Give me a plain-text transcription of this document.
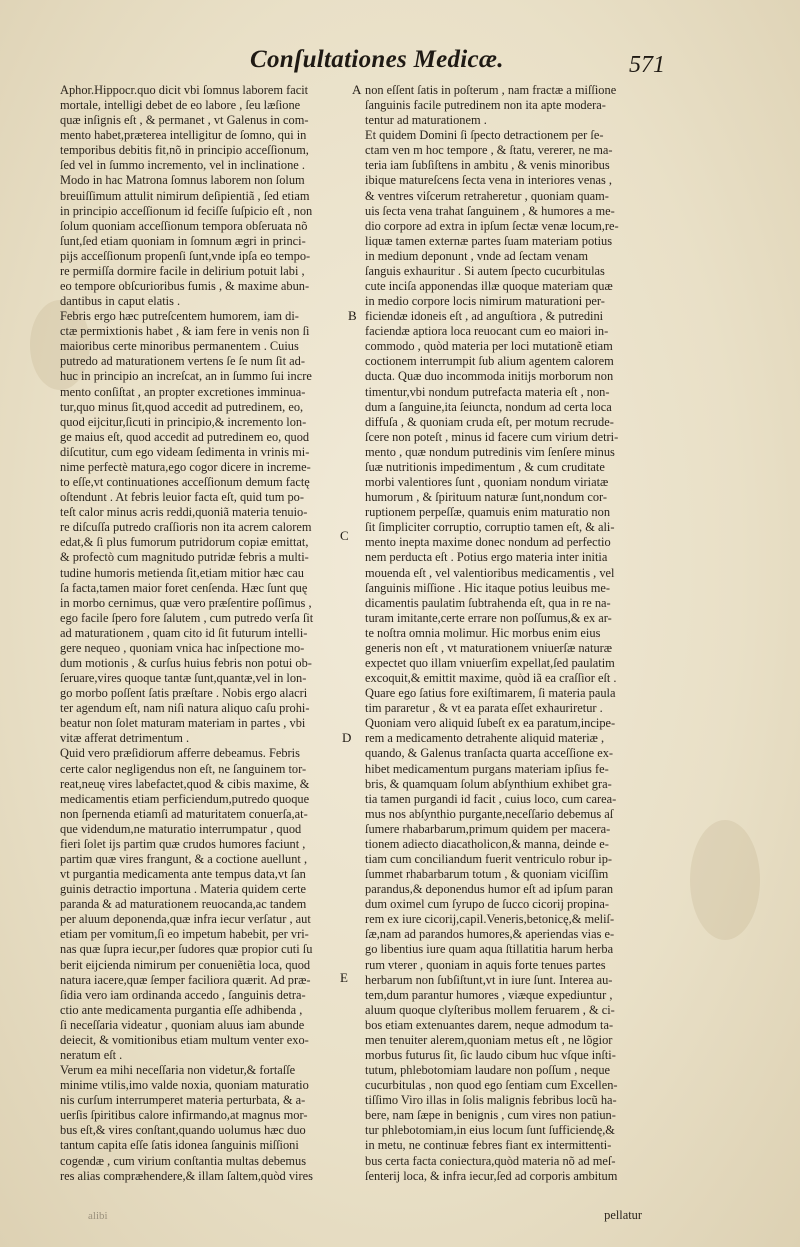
Conſultationes Medicæ.	571
Aphor.Hippocr.quo dicit vbi ſomnus laborem facit
mortale, intelligi debet de eo labore , ſeu læſione
quæ inſignis eſt , & permanet , vt Galenus in com-
mento habet,præterea intelligitur de ſomno, qui in
temporibus debitis fit,nõ in principio acceſſionum,
ſed vel in ſummo incremento, vel in inclinatione .
Modo in hac Matrona ſomnus laborem non ſolum
breuiſſimum attulit nimirum deſipientiã , ſed etiam
in principio acceſſionum id feciſſe ſuſpicio eſt , non
ſolum quoniam acceſſionum tempora obſeruata nõ
ſunt,ſed etiam quoniam in ſomnum ægri in princi-
pijs acceſſionum propenſi ſunt,vnde ipſa eo tempo-
re permiſſa dormire facile in delirium potuit labi ,
eo tempore obſcurioribus fumis , & maxime abun-
dantibus in caput elatis .
Febris ergo hæc putreſcentem humorem, iam di-
ctæ permixtionis habet , & iam fere in venis non ſi
maioribus certe minoribus permanentem . Cuius
putredo ad maturationem vertens ſe ſe num ſit ad-
huc in principio an increſcat, an in ſummo ſui incre
mento conſiſtat , an propter excretiones imminua-
tur,quo minus ſit,quod accedit ad putredinem, eo,
quod eijcitur,ſicuti in principio,& incremento lon-
ge maius eſt, quod accedit ad putredinem eo, quod
diſcutitur, cum ego videam ſedimenta in vrinis mi-
nime perfectè matura,ego cogor dicere in increme-
to eſſe,vt continuationes acceſſionum demum factę
oſtendunt . At febris leuior facta eſt, quid tum po-
teſt calor minus acris reddi,quoniã materia tenuio-
re diſcuſſa putredo craſſioris non ita acrem calorem
edat,& ſi plus fumorum putridorum copiæ emittat,
& profectò cum magnitudo putridæ febris a multi-
tudine humoris metienda ſit,etiam mitior hæc cau
ſa facta,tamen maior foret cenſenda. Hæc ſunt quę
in morbo cernimus, quæ vero præſentire poſſimus ,
ego facile ſpero fore ſalutem , cum putredo verſa ſit
ad maturationem , quam cito id ſit futurum intelli-
gere nequeo , quoniam vnica hac inſpectione mo-
dum motionis , & curſus huius febris non potui ob-
ſeruare,vires quoque tantæ ſunt,quantæ,vel in lon-
go morbo poſſent ſatis præſtare . Nobis ergo alacri
ter agendum eſt, nam niſi natura aliquo caſu prohi-
beatur non ſolet maturam materiam in partes , vbi
vitæ afferat detrimentum .
Quid vero præſidiorum afferre debeamus. Febris
certe calor negligendus non eſt, ne ſanguinem tor-
reat,neuę vires labefactet,quod & cibis maxime, &
medicamentis etiam perficiendum,putredo quoque
non ſpernenda etiamſi ad maturitatem conuerſa,at-
que videndum,ne maturatio interrumpatur , quod
fieri ſolet ijs partim quæ crudos humores faciunt ,
partim quæ vires frangunt, & a coctione auellunt ,
vt purgantia medicamenta ante tempus data,vt ſan
guinis detractio importuna . Materia quidem certe
paranda & ad maturationem reuocanda,ac tandem
per aluum deponenda,quæ infra iecur verſatur , aut
etiam per vomitum,ſi eo impetum habebit, per vri-
nas quæ ſupra iecur,per ſudores quæ propior cuti ſu
berit eijcienda nimirum per conueniẽtia loca, quod
natura iacere,quæ ſemper faciliora quærit. Ad præ-
ſidia vero iam ordinanda accedo , ſanguinis detra-
ctio ante medicamenta purgantia eſſe adhibenda ,
ſi neceſſaria videatur , quoniam aluus iam abunde
deiecit, & vomitionibus etiam multum venter exo-
neratum eſt .
Verum ea mihi neceſſaria non videtur,& fortaſſe
minime vtilis,imo valde noxia, quoniam maturatio
nis curſum interrumperet materia perturbata, & a-
uerſis ſpiritibus calore infirmando,at magnus mor-
bus eſt,& vires conſtant,quando uolumus hæc duo
tantum capita eſſe ſatis idonea ſanguinis miſſioni
cogendæ , cum virium conſtantia multas debemus
res alias compræhendere,& illam ſaltem,quòd vires
non eſſent ſatis in poſterum , nam fractæ a miſſione
ſanguinis facile putredinem non ita apte modera-
tentur ad maturationem .
Et quidem Domini ſi ſpecto detractionem per ſe-
ctam ven m hoc tempore , & ſtatu, vererer, ne ma-
teria iam ſubſiſtens in ambitu , & venis minoribus
ibique matureſcens ſecta vena in interiores venas ,
& ventres viſcerum retraheretur , quoniam quam-
uis ſecta vena trahat ſanguinem , & humores a me-
dio corpore ad extra in ipſum ſectæ venæ locum,re-
liquæ tamen externæ partes ſuam materiam potius
in medium deponunt , vnde ad ſectam venam
ſanguis exhauritur . Si autem ſpecto cucurbitulas
cute inciſa apponendas illæ quoque materiam quæ
in medio corpore locis nimirum maturationi per-
ficiendæ idoneis eſt , ad anguſtiora , & putredini
faciendæ aptiora loca reuocant cum eo maiori in-
commodo , quòd materia per loci mutationẽ etiam
coctionem interrumpit ſub alium agentem calorem
ducta. Quæ duo incommoda initijs morborum non
timentur,vbi nondum putrefacta materia eſt , non-
dum a ſanguine,ita ſeiuncta, nondum ad certa loca
diffuſa , & quoniam cruda eſt, per motum recrude-
ſcere non poteſt , minus id facere cum virium detri-
mento , quæ nondum putredinis vim ſenſere minus
ſuæ nutritionis impedimentum , & cum cruditate
morbi valentiores ſunt , quoniam nondum viriatæ
humorum , & ſpirituum naturæ ſunt,nondum cor-
ruptionem perpeſſæ, quamuis enim maturatio non
ſit ſimpliciter corruptio, corruptio tamen eſt, & ali-
mento inepta maxime donec nondum ad perfectio
nem perducta eſt . Potius ergo materia inter initia
mouenda eſt , vel valentioribus medicamentis , vel
ſanguinis miſſione . Hic itaque potius leuibus me-
dicamentis paulatim ſubtrahenda eſt, qua in re na-
turam imitante,certe errare non poſſumus,& ex ar-
te noſtra omnia molimur. Hic morbus enim eius
generis non eſt , vt maturationem vniuerſæ naturæ
expectet quo illam vniuerſim expellat,ſed paulatim
excoquit,& emittit maxime, quòd iã ea craſſior eſt .
Quare ego ſatius fore exiſtimarem, ſi materia paula
tim pararetur , & vt ea parata eſſet exhauriretur .
Quoniam vero aliquid ſubeſt ex ea paratum,incipe-
rem a medicamento detrahente aliquid materiæ ,
quando, & Galenus tranſacta quarta acceſſione ex-
hibet medicamentum purgans materiam ipſius fe-
bris, & quamquam ſolum abſynthium exhibet gra-
tia tamen purgandi id facit , cuius loco, cum carea-
mus nos abſynthio purgante,neceſſario debemus aſ
ſumere rhabarbarum,primum quidem per macera-
tionem adiecto diacatholicon,& manna, deinde e-
tiam cum conciliandum fuerit ventriculo robur ip-
ſummet rhabarbarum totum , & quoniam viciſſim
parandus,& deponendus humor eſt ad ipſum paran
dum oximel cum ſyrupo de ſucco cicorij propina-
rem ex iure cicorij,capil.Veneris,betonicę,& meliſ-
ſæ,nam ad parandos humores,& aperiendas vias e-
go libentius iure quam aqua ſtillatitia harum herba
rum vterer , quoniam in aquis forte tenues partes
herbarum non ſubſiſtunt,vt in iure ſunt. Interea au-
tem,dum parantur humores , viæque expediuntur ,
aluum quoque clyſteribus mollem feruarem , & ci-
bos etiam extenuantes darem, neque admodum ta-
men tenuiter alerem,quoniam metus eſt , ne lõgior
morbus futurus ſit, ſic laudo cibum huc vſque inſti-
tutum, phlebotomiam laudare non poſſum , neque
cucurbitulas , non quod ego ſentiam cum Excellen-
tiſſimo Viro illas in ſolis malignis febribus locũ ha-
bere, nam ſæpe in benignis , cum vires non patiun-
tur phlebotomiam,in eius locum ſunt ſufficiendę,&
in metu, ne continuæ febres fiant ex intermittenti-
bus certa facta coniectura,quòd materia nõ ad meſ-
ſenterij loca, & infra iecur,ſed ad corporis ambitum
A
B
C
D
E
alibi	pellatur
